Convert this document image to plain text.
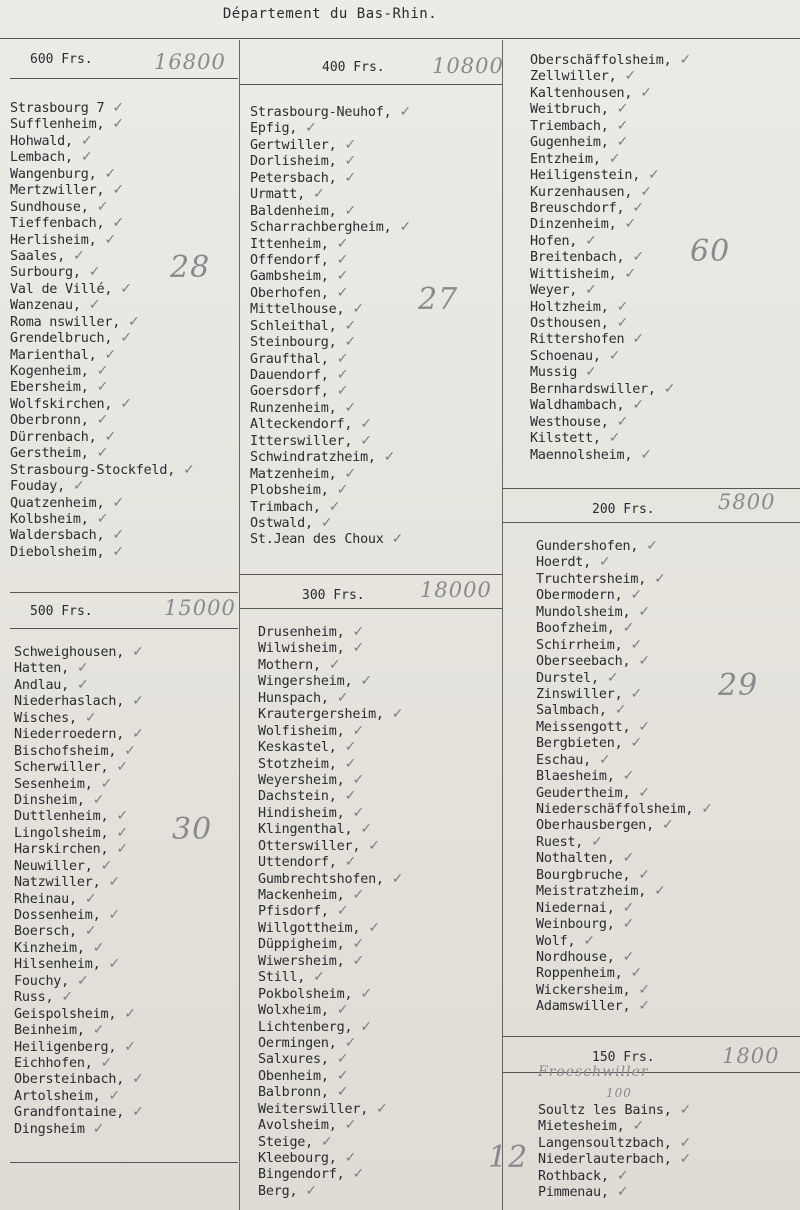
Département du Bas-Rhin.
600 Frs.
400 Frs.
500 Frs.
300 Frs.
200 Frs.
150 Frs.
16800	10800
15000
18000
5800
1800
28
27
30
60
29
Froeschwiller
100
12
Strasbourg 7 ✓
Sufflenheim, ✓
Hohwald, ✓
Lembach, ✓
Wangenburg, ✓
Mertzwiller, ✓
Sundhouse, ✓
Tieffenbach, ✓
Herlisheim, ✓
Saales, ✓
Surbourg, ✓
Val de Villé, ✓
Wanzenau, ✓
Roma nswiller, ✓
Grendelbruch, ✓
Marienthal, ✓
Kogenheim, ✓
Ebersheim, ✓
Wolfskirchen, ✓
Oberbronn, ✓
Dürrenbach, ✓
Gerstheim, ✓
Strasbourg-Stockfeld, ✓
Fouday, ✓
Quatzenheim, ✓
Kolbsheim, ✓
Waldersbach, ✓
Diebolsheim, ✓
Schweighousen, ✓
Hatten, ✓
Andlau, ✓
Niederhaslach, ✓
Wisches, ✓
Niederroedern, ✓
Bischofsheim, ✓
Scherwiller, ✓
Sesenheim, ✓
Dinsheim, ✓
Duttlenheim, ✓
Lingolsheim, ✓
Harskirchen, ✓
Neuwiller, ✓
Natzwiller, ✓
Rheinau, ✓
Dossenheim, ✓
Boersch, ✓
Kinzheim, ✓
Hilsenheim, ✓
Fouchy, ✓
Russ, ✓
Geispolsheim, ✓
Beinheim, ✓
Heiligenberg, ✓
Eichhofen, ✓
Obersteinbach, ✓
Artolsheim, ✓
Grandfontaine, ✓
Dingsheim ✓
Strasbourg-Neuhof, ✓
Epfig, ✓
Gertwiller, ✓
Dorlisheim, ✓
Petersbach, ✓
Urmatt, ✓
Baldenheim, ✓
Scharrachbergheim, ✓
Ittenheim, ✓
Offendorf, ✓
Gambsheim, ✓
Oberhofen, ✓
Mittelhouse, ✓
Schleithal, ✓
Steinbourg, ✓
Graufthal, ✓
Dauendorf, ✓
Goersdorf, ✓
Runzenheim, ✓
Alteckendorf, ✓
Itterswiller, ✓
Schwindratzheim, ✓
Matzenheim, ✓
Plobsheim, ✓
Trimbach, ✓
Ostwald, ✓
St.Jean des Choux ✓
Drusenheim, ✓
Wilwisheim, ✓
Mothern, ✓
Wingersheim, ✓
Hunspach, ✓
Krautergersheim, ✓
Wolfisheim, ✓
Keskastel, ✓
Stotzheim, ✓
Weyersheim, ✓
Dachstein, ✓
Hindisheim, ✓
Klingenthal, ✓
Otterswiller, ✓
Uttendorf, ✓
Gumbrechtshofen, ✓
Mackenheim, ✓
Pfisdorf, ✓
Willgottheim, ✓
Düppigheim, ✓
Wiwersheim, ✓
Still, ✓
Pokbolsheim, ✓
Wolxheim, ✓
Lichtenberg, ✓
Oermingen, ✓
Salxures, ✓
Obenheim, ✓
Balbronn, ✓
Weiterswiller, ✓
Avolsheim, ✓
Steige, ✓
Kleebourg, ✓
Bingendorf, ✓
Berg, ✓
Oberschäffolsheim, ✓
Zellwiller, ✓
Kaltenhousen, ✓
Weitbruch, ✓
Triembach, ✓
Gugenheim, ✓
Entzheim, ✓
Heiligenstein, ✓
Kurzenhausen, ✓
Breuschdorf, ✓
Dinzenheim, ✓
Hofen, ✓
Breitenbach, ✓
Wittisheim, ✓
Weyer, ✓
Holtzheim, ✓
Osthousen, ✓
Rittershofen ✓
Schoenau, ✓
Mussig ✓
Bernhardswiller, ✓
Waldhambach, ✓
Westhouse, ✓
Kilstett, ✓
Maennolsheim, ✓
Gundershofen, ✓
Hoerdt, ✓
Truchtersheim, ✓
Obermodern, ✓
Mundolsheim, ✓
Boofzheim, ✓
Schirrheim, ✓
Oberseebach, ✓
Durstel, ✓
Zinswiller, ✓
Salmbach, ✓
Meissengott, ✓
Bergbieten, ✓
Eschau, ✓
Blaesheim, ✓
Geudertheim, ✓
Niederschäffolsheim, ✓
Oberhausbergen, ✓
Ruest, ✓
Nothalten, ✓
Bourgbruche, ✓
Meistratzheim, ✓
Niedernai, ✓
Weinbourg, ✓
Wolf, ✓
Nordhouse, ✓
Roppenheim, ✓
Wickersheim, ✓
Adamswiller, ✓
Soultz les Bains, ✓
Mietesheim, ✓
Langensoultzbach, ✓
Niederlauterbach, ✓
Rothback, ✓
Pimmenau, ✓
